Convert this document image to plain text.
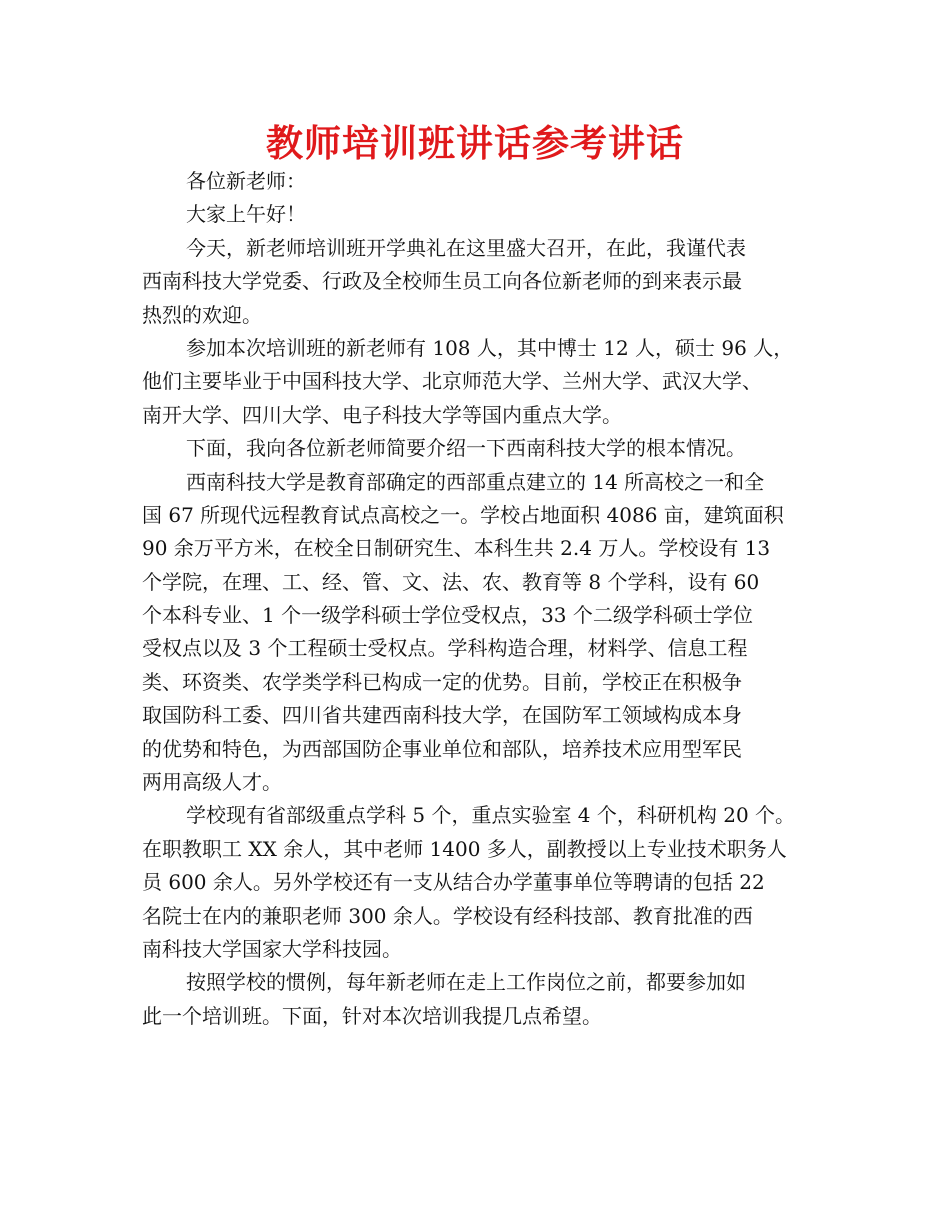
教师培训班讲话参考讲话
各位新老师：
大家上午好！
今天，新老师培训班开学典礼在这里盛大召开，在此，我谨代表
西南科技大学党委、行政及全校师生员工向各位新老师的到来表示最
热烈的欢迎。
参加本次培训班的新老师有 108 人，其中博士 12 人，硕士 96 人，
他们主要毕业于中国科技大学、北京师范大学、兰州大学、武汉大学、
南开大学、四川大学、电子科技大学等国内重点大学。
下面，我向各位新老师简要介绍一下西南科技大学的根本情况。
西南科技大学是教育部确定的西部重点建立的 14 所高校之一和全
国 67 所现代远程教育试点高校之一。学校占地面积 4086 亩，建筑面积
90 余万平方米，在校全日制研究生、本科生共 2.4 万人。学校设有 13
个学院，在理、工、经、管、文、法、农、教育等 8 个学科，设有 60
个本科专业、1 个一级学科硕士学位受权点，33 个二级学科硕士学位
受权点以及 3 个工程硕士受权点。学科构造合理，材料学、信息工程
类、环资类、农学类学科已构成一定的优势。目前，学校正在积极争
取国防科工委、四川省共建西南科技大学，在国防军工领域构成本身
的优势和特色，为西部国防企事业单位和部队，培养技术应用型军民
两用高级人才。
学校现有省部级重点学科 5 个，重点实验室 4 个，科研机构 20 个。
在职教职工 XX 余人，其中老师 1400 多人，副教授以上专业技术职务人
员 600 余人。另外学校还有一支从结合办学董事单位等聘请的包括 22
名院士在内的兼职老师 300 余人。学校设有经科技部、教育批准的西
南科技大学国家大学科技园。
按照学校的惯例，每年新老师在走上工作岗位之前，都要参加如
此一个培训班。下面，针对本次培训我提几点希望。
